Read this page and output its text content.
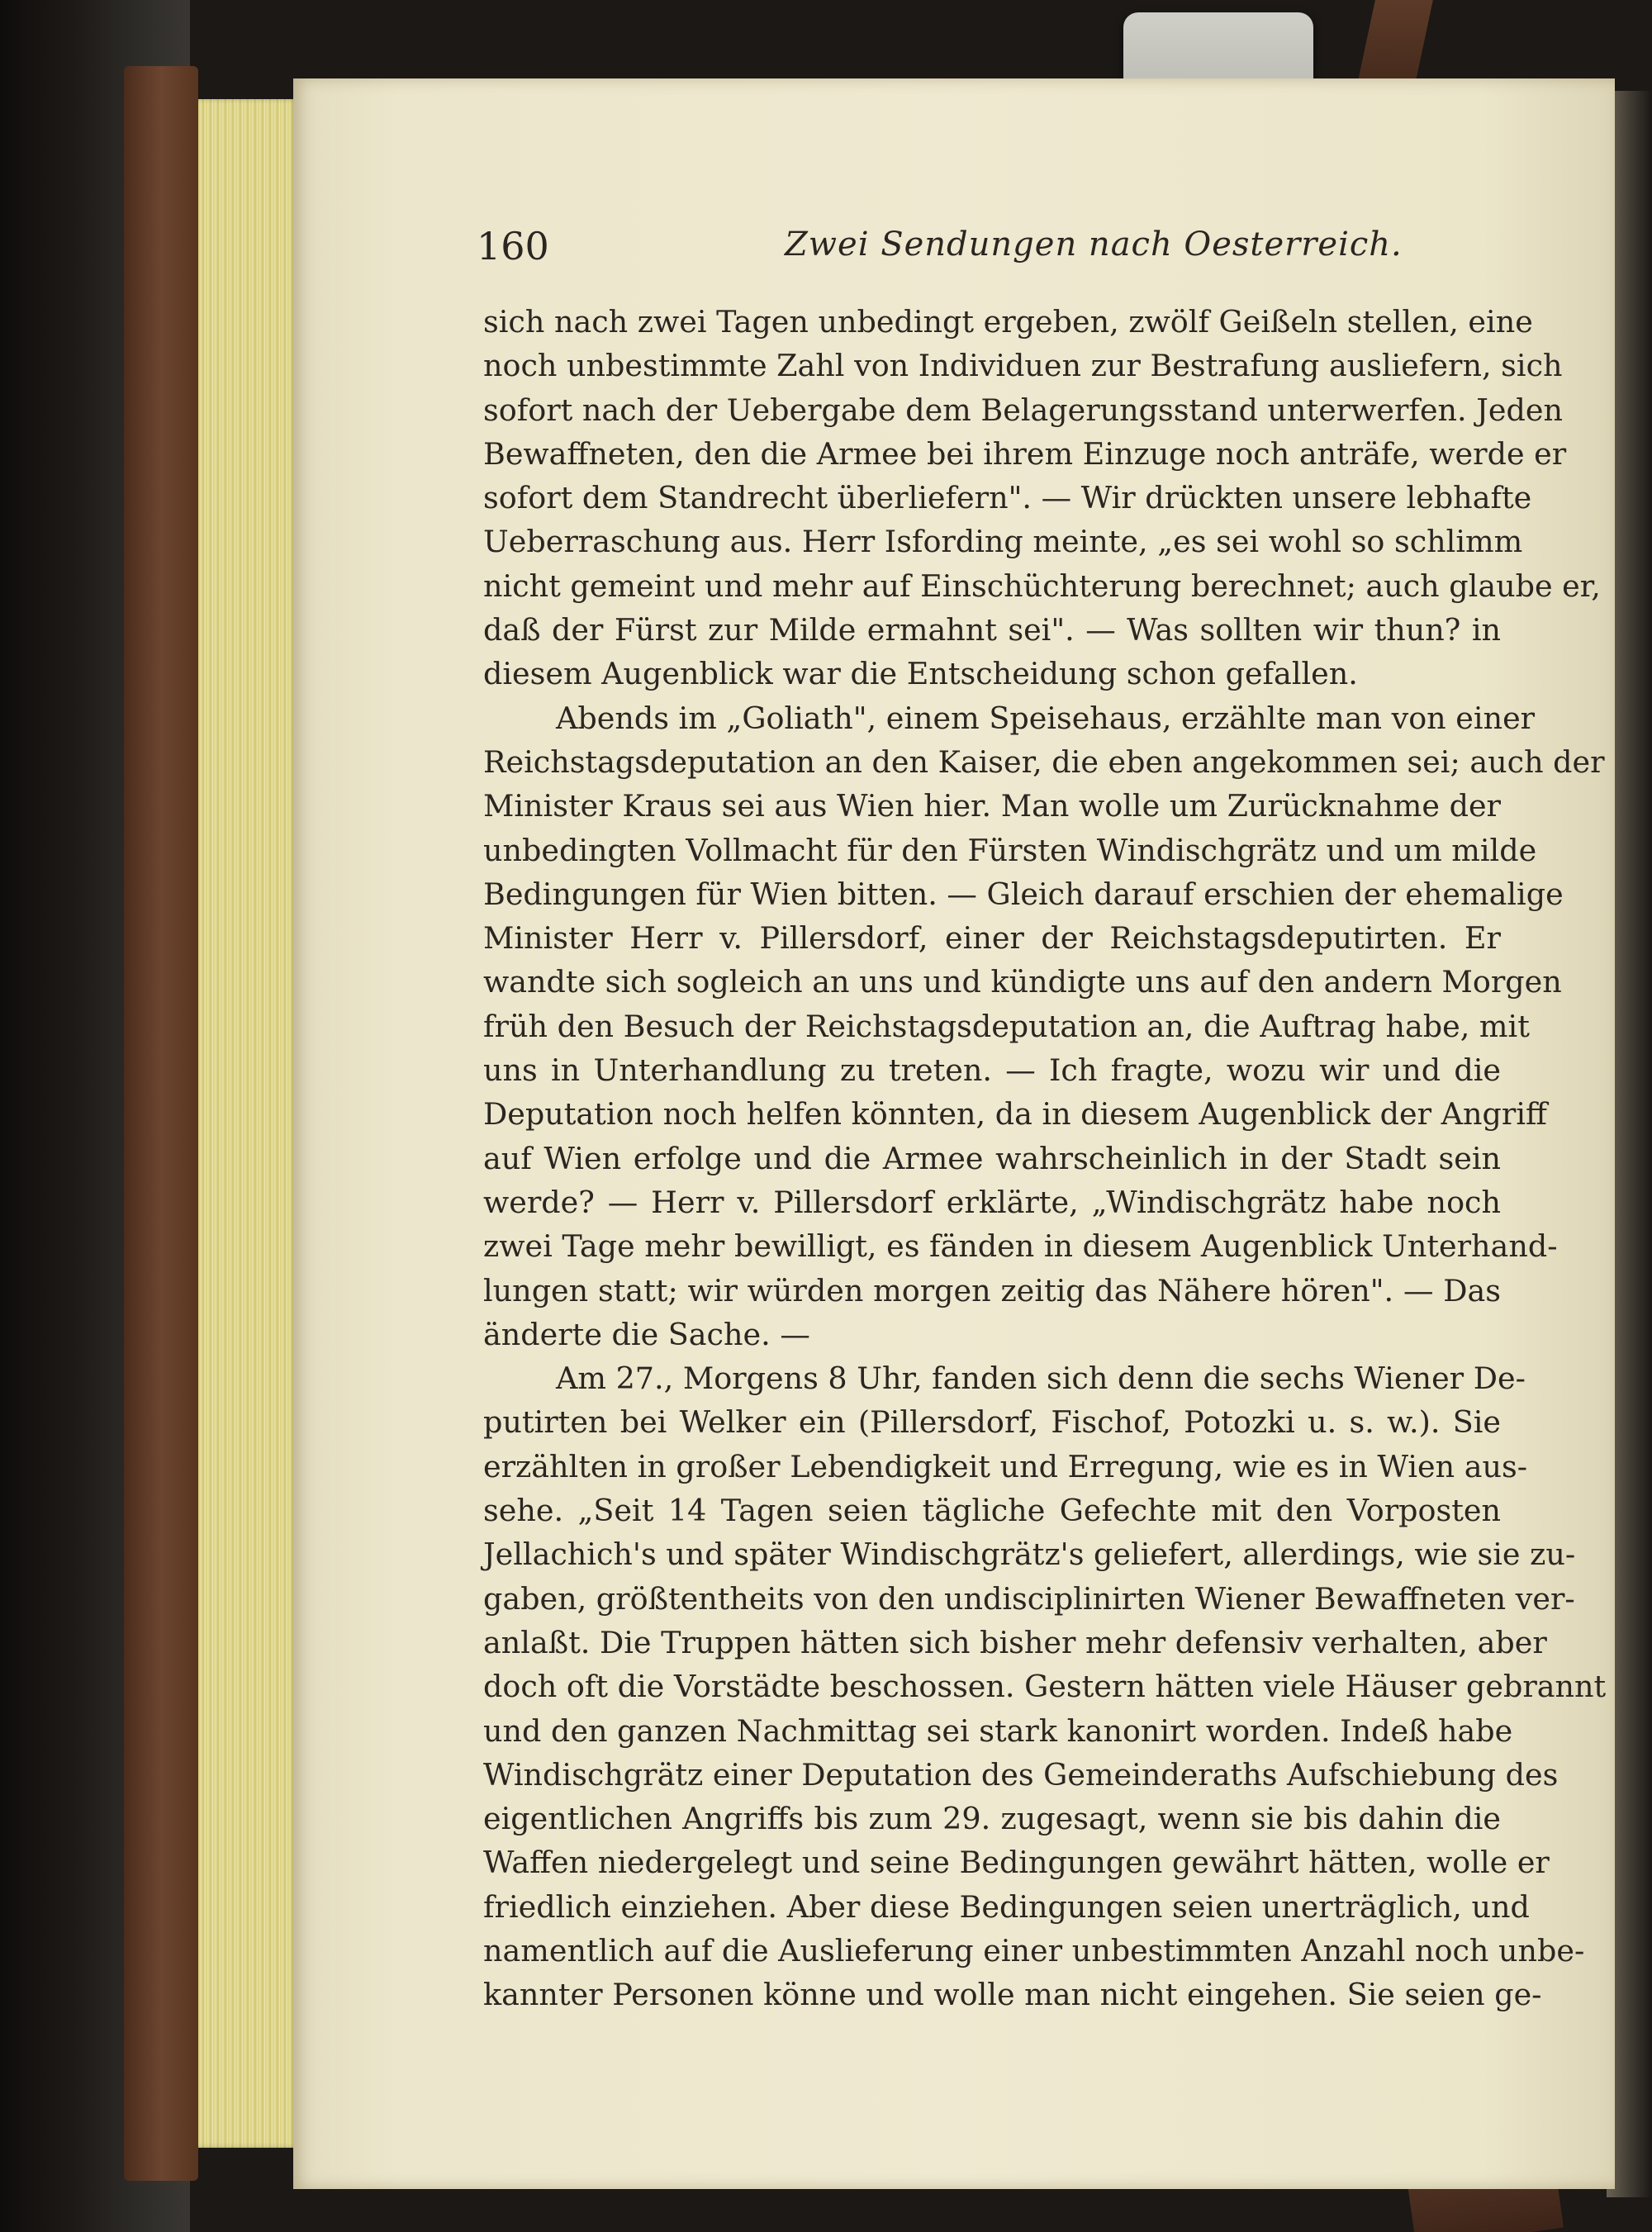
160	Zwei Sendungen nach Oesterreich.
sich nach zwei Tagen unbedingt ergeben, zwölf Geißeln stellen, eine
noch unbestimmte Zahl von Individuen zur Bestrafung ausliefern, sich
sofort nach der Uebergabe dem Belagerungsstand unterwerfen. Jeden
Bewaffneten, den die Armee bei ihrem Einzuge noch anträfe, werde er
sofort dem Standrecht überliefern". — Wir drückten unsere lebhafte
Ueberraschung aus. Herr Isfording meinte, „es sei wohl so schlimm
nicht gemeint und mehr auf Einschüchterung berechnet; auch glaube er,
daß der Fürst zur Milde ermahnt sei". — Was sollten wir thun? in
diesem Augenblick war die Entscheidung schon gefallen.
Abends im „Goliath", einem Speisehaus, erzählte man von einer
Reichstagsdeputation an den Kaiser, die eben angekommen sei; auch der
Minister Kraus sei aus Wien hier. Man wolle um Zurücknahme der
unbedingten Vollmacht für den Fürsten Windischgrätz und um milde
Bedingungen für Wien bitten. — Gleich darauf erschien der ehemalige
Minister Herr v. Pillersdorf, einer der Reichstagsdeputirten. Er
wandte sich sogleich an uns und kündigte uns auf den andern Morgen
früh den Besuch der Reichstagsdeputation an, die Auftrag habe, mit
uns in Unterhandlung zu treten. — Ich fragte, wozu wir und die
Deputation noch helfen könnten, da in diesem Augenblick der Angriff
auf Wien erfolge und die Armee wahrscheinlich in der Stadt sein
werde? — Herr v. Pillersdorf erklärte, „Windischgrätz habe noch
zwei Tage mehr bewilligt, es fänden in diesem Augenblick Unterhand-
lungen statt; wir würden morgen zeitig das Nähere hören". — Das
änderte die Sache. —
Am 27., Morgens 8 Uhr, fanden sich denn die sechs Wiener De-
putirten bei Welker ein (Pillersdorf, Fischof, Potozki u. s. w.). Sie
erzählten in großer Lebendigkeit und Erregung, wie es in Wien aus-
sehe. „Seit 14 Tagen seien tägliche Gefechte mit den Vorposten
Jellachich's und später Windischgrätz's geliefert, allerdings, wie sie zu-
gaben, größtentheits von den undisciplinirten Wiener Bewaffneten ver-
anlaßt. Die Truppen hätten sich bisher mehr defensiv verhalten, aber
doch oft die Vorstädte beschossen. Gestern hätten viele Häuser gebrannt
und den ganzen Nachmittag sei stark kanonirt worden. Indeß habe
Windischgrätz einer Deputation des Gemeinderaths Aufschiebung des
eigentlichen Angriffs bis zum 29. zugesagt, wenn sie bis dahin die
Waffen niedergelegt und seine Bedingungen gewährt hätten, wolle er
friedlich einziehen. Aber diese Bedingungen seien unerträglich, und
namentlich auf die Auslieferung einer unbestimmten Anzahl noch unbe-
kannter Personen könne und wolle man nicht eingehen. Sie seien ge-
